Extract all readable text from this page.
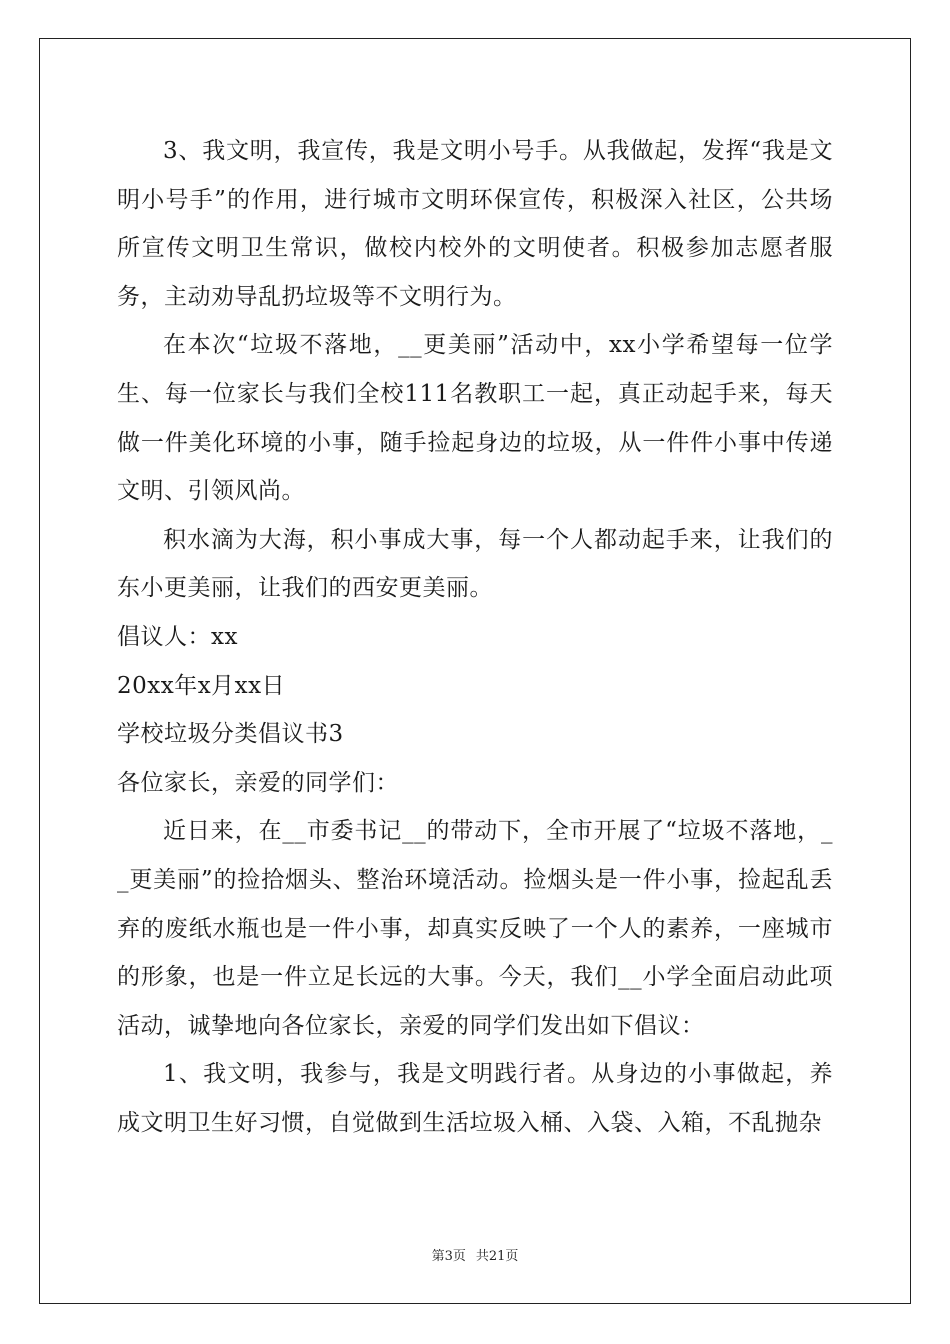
3、我文明，我宣传，我是文明小号手。从我做起，发挥“我是文明小号手”的作用，进行城市文明环保宣传，积极深入社区，公共场所宣传文明卫生常识，做校内校外的文明使者。积极参加志愿者服务，主动劝导乱扔垃圾等不文明行为。

在本次“垃圾不落地，__更美丽”活动中，xx小学希望每一位学生、每一位家长与我们全校111名教职工一起，真正动起手来，每天做一件美化环境的小事，随手捡起身边的垃圾，从一件件小事中传递文明、引领风尚。

积水滴为大海，积小事成大事，每一个人都动起手来，让我们的东小更美丽，让我们的西安更美丽。

倡议人：xx

20xx年x月xx日

学校垃圾分类倡议书3

各位家长，亲爱的同学们：

近日来，在__市委书记__的带动下，全市开展了“垃圾不落地，__更美丽”的捡拾烟头、整治环境活动。捡烟头是一件小事，捡起乱丢弃的废纸水瓶也是一件小事，却真实反映了一个人的素养，一座城市的形象，也是一件立足长远的大事。今天，我们__小学全面启动此项活动，诚挚地向各位家长，亲爱的同学们发出如下倡议：

1、我文明，我参与，我是文明践行者。从身边的小事做起，养成文明卫生好习惯，自觉做到生活垃圾入桶、入袋、入箱，不乱抛杂

第3页 共21页
